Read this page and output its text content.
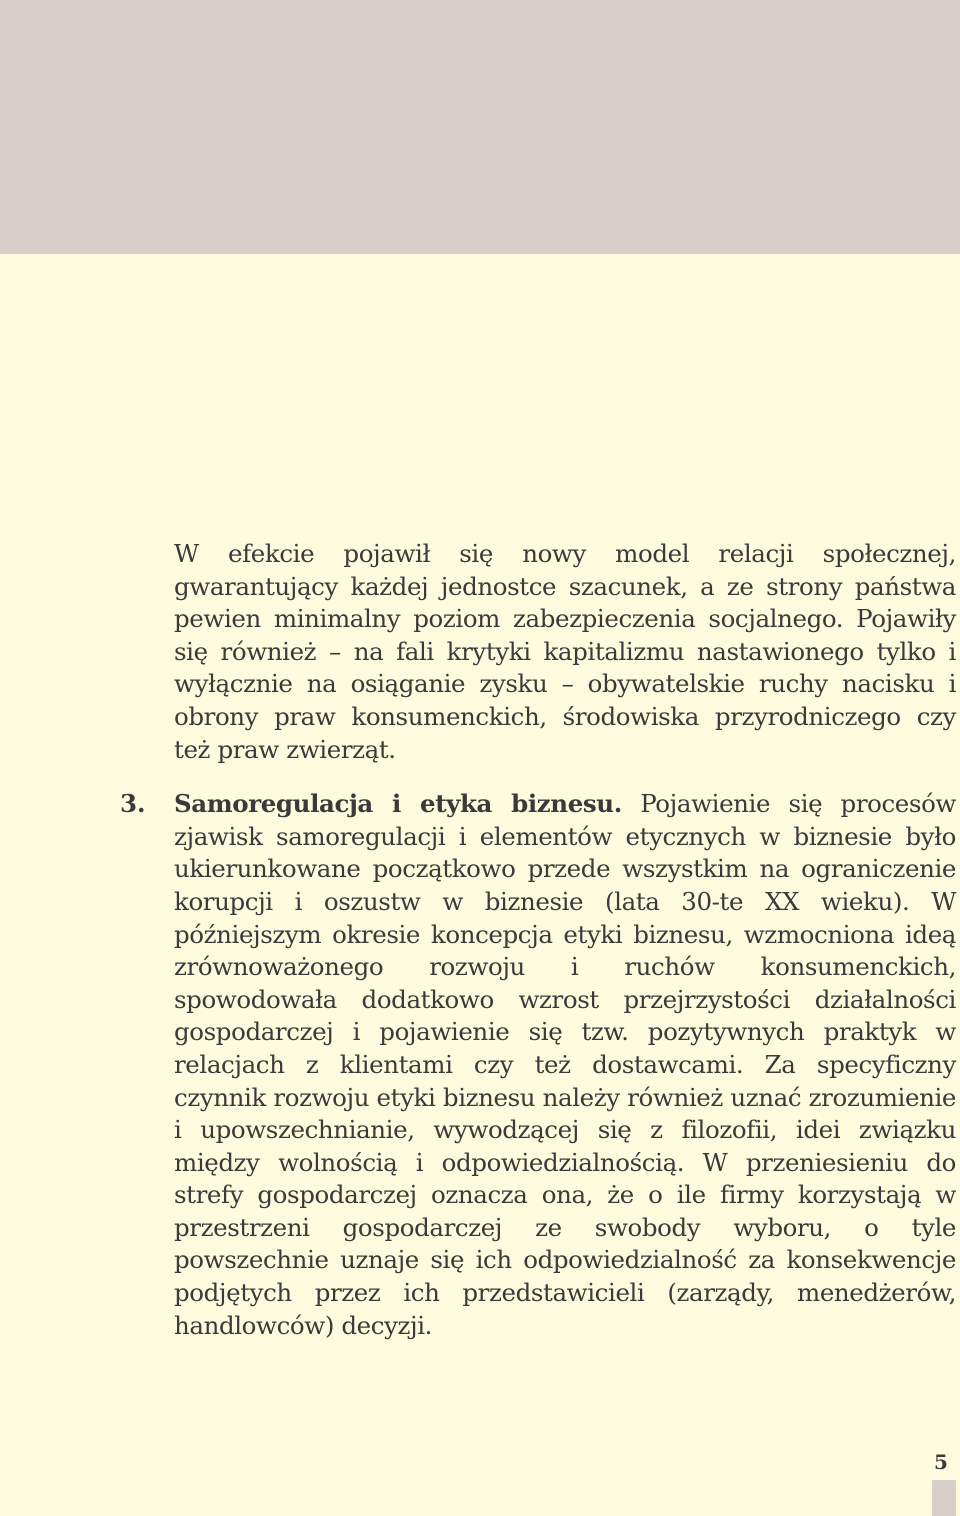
W efekcie pojawił się nowy model relacji społecznej, gwarantujący każdej jednostce szacunek, a ze strony państwa pewien minimalny poziom zabezpieczenia socjalnego. Pojawiły się również – na fali krytyki kapitalizmu nastawionego tylko i wyłącznie na osiąganie zysku – obywatelskie ruchy nacisku i obrony praw konsumenckich, środowiska przyrodniczego czy też praw zwierząt.

3. Samoregulacja i etyka biznesu. Pojawienie się procesów zjawisk samoregulacji i elementów etycznych w biznesie było ukierunkowane początkowo przede wszystkim na ograniczenie korupcji i oszustw w biznesie (lata 30-te XX wieku). W późniejszym okresie koncepcja etyki biznesu, wzmocniona ideą zrównoważonego rozwoju i ruchów konsumenckich, spowodowała dodatkowo wzrost przejrzystości działalności gospodarczej i pojawienie się tzw. pozytywnych praktyk w relacjach z klientami czy też dostawcami. Za specyficzny czynnik rozwoju etyki biznesu należy również uznać zrozumienie i upowszechnianie, wywodzącej się z filozofii, idei związku między wolnością i odpowiedzialnością. W przeniesieniu do strefy gospodarczej oznacza ona, że o ile firmy korzystają w przestrzeni gospodarczej ze swobody wyboru, o tyle powszechnie uznaje się ich odpowiedzialność za konsekwencje podjętych przez ich przedstawicieli (zarządy, menedżerów, handlowców) decyzji.

5
